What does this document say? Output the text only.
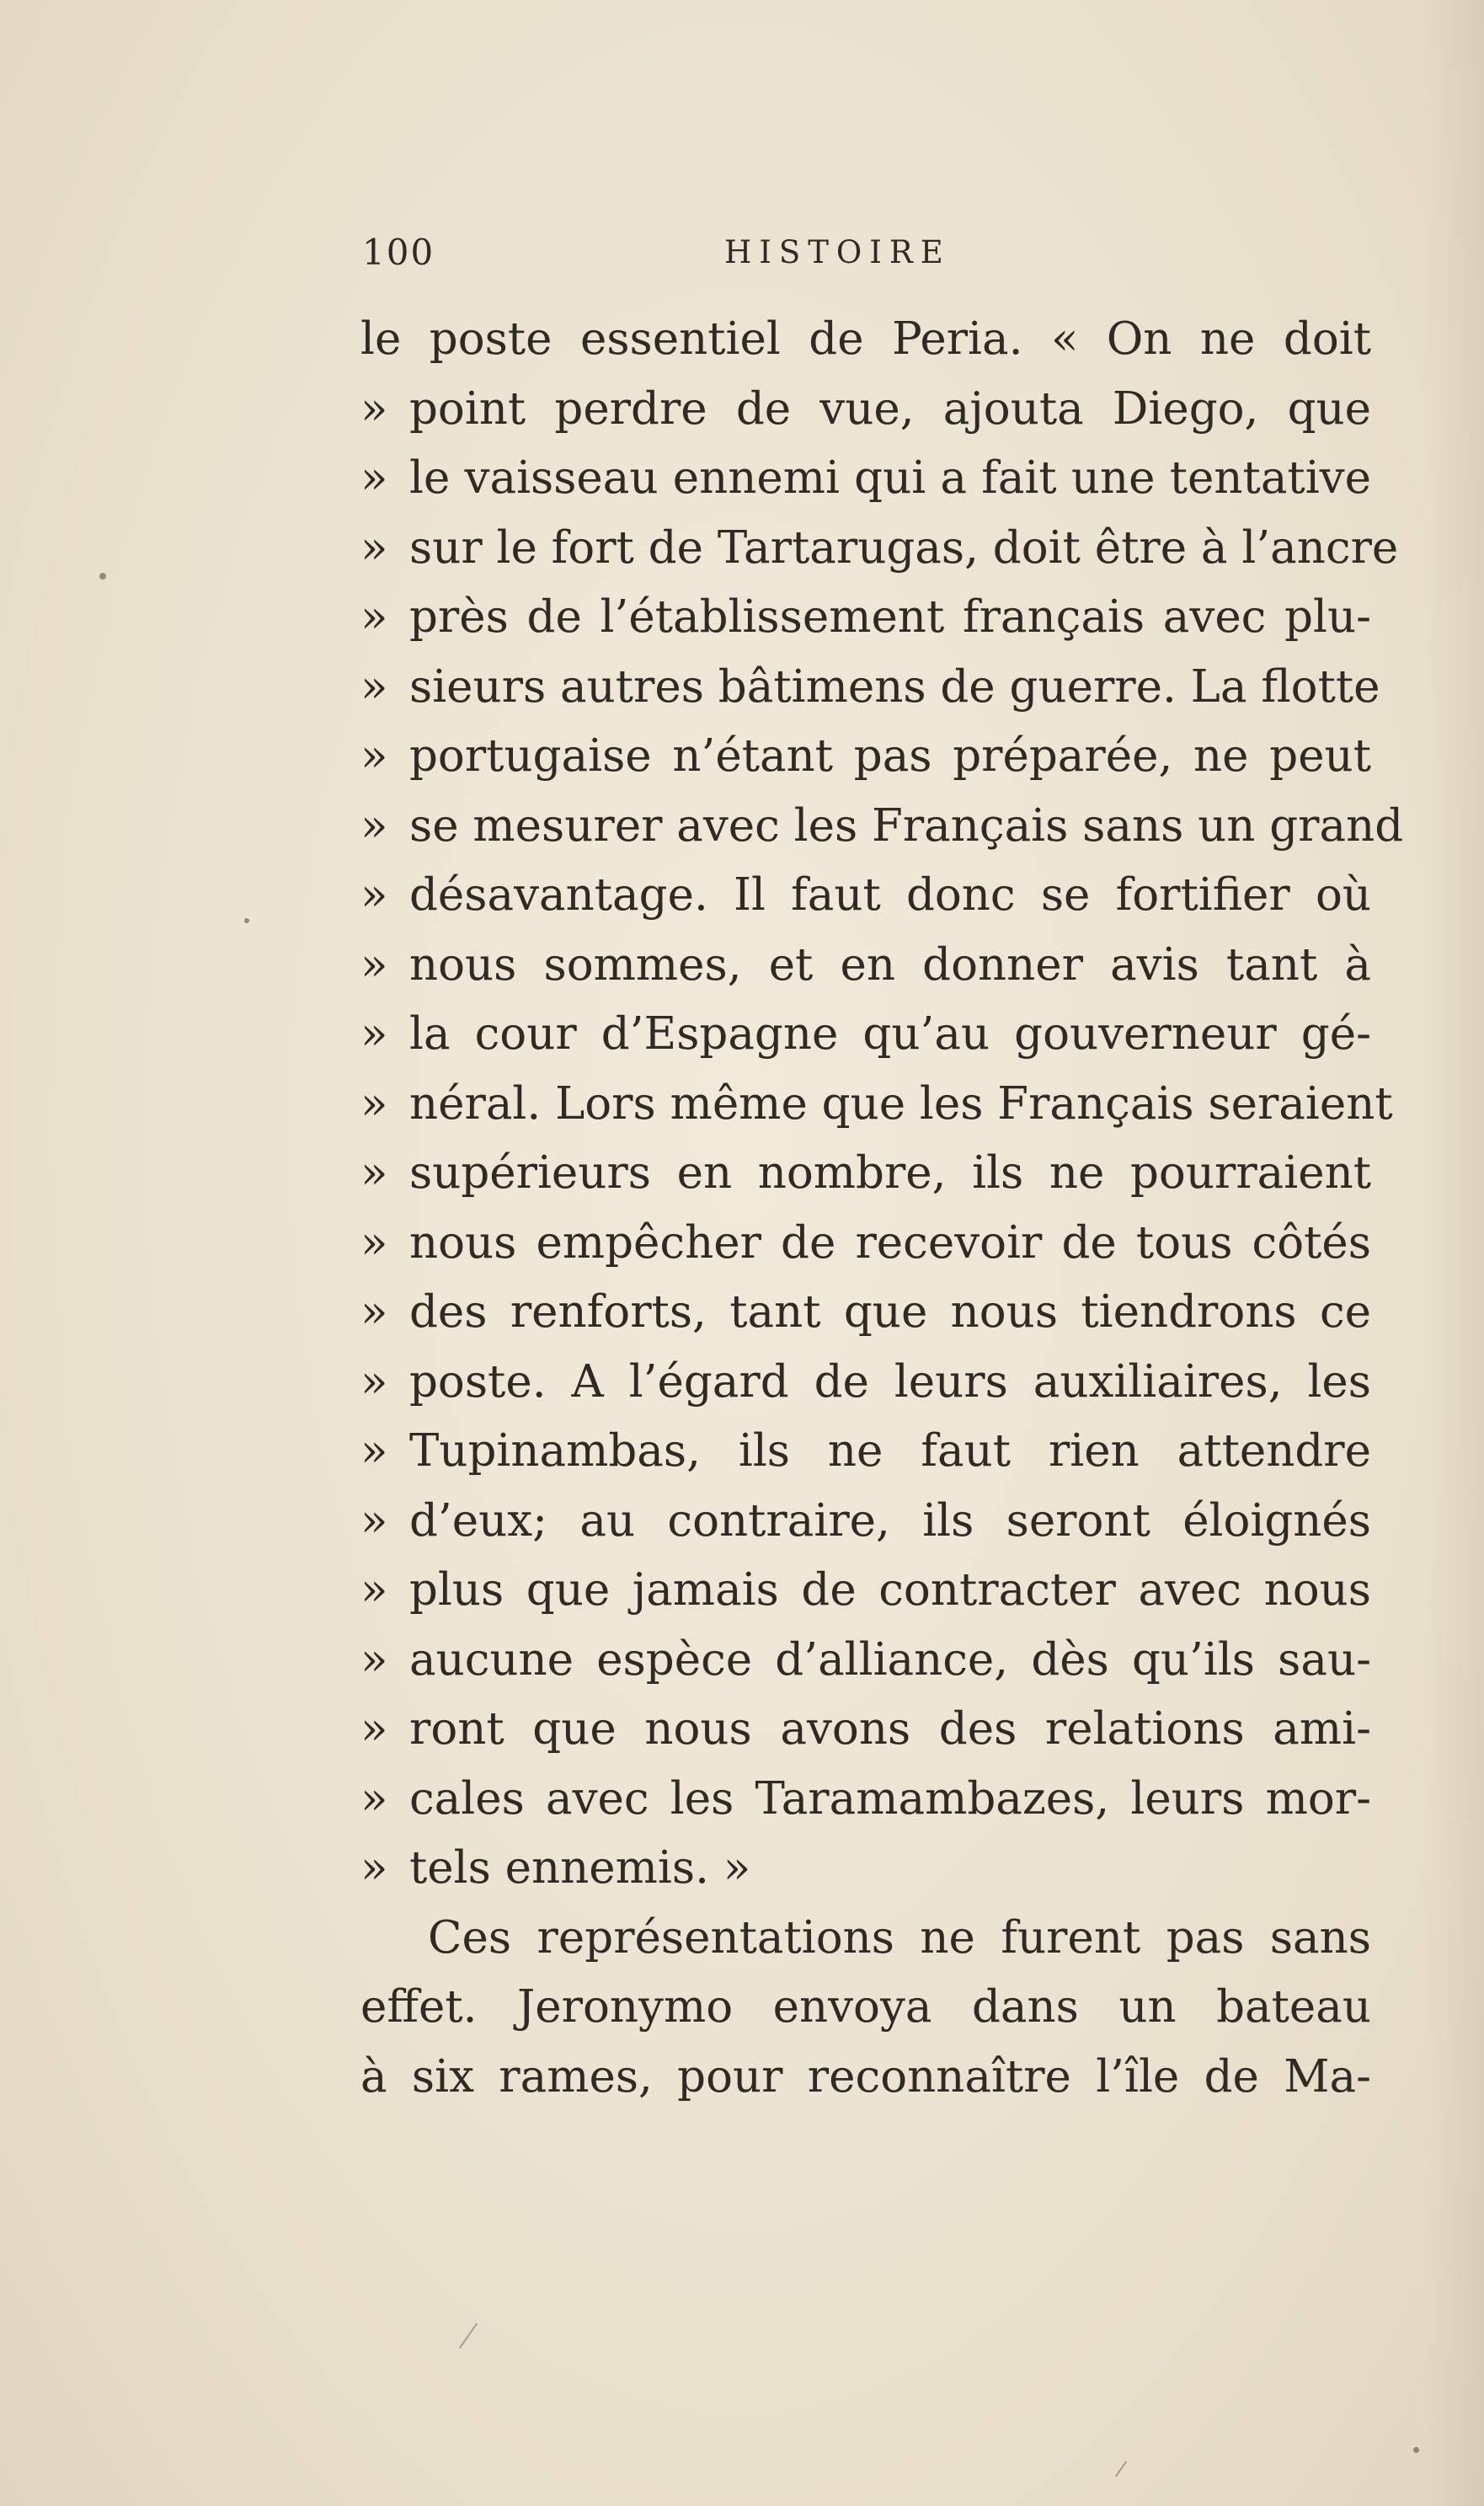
100	HISTOIRE
le poste essentiel de Peria. « On ne doit
» point perdre de vue, ajouta Diego, que
» le vaisseau ennemi qui a fait une tentative
» sur le fort de Tartarugas, doit être à l’ancre
» près de l’établissement français avec plu-
» sieurs autres bâtimens de guerre. La flotte
» portugaise n’étant pas préparée, ne peut
» se mesurer avec les Français sans un grand
» désavantage. Il faut donc se fortifier où
» nous sommes, et en donner avis tant à
» la cour d’Espagne qu’au gouverneur gé-
» néral. Lors même que les Français seraient
» supérieurs en nombre, ils ne pourraient
» nous empêcher de recevoir de tous côtés
» des renforts, tant que nous tiendrons ce
» poste. A l’égard de leurs auxiliaires, les
» Tupinambas, ils ne faut rien attendre
» d’eux; au contraire, ils seront éloignés
» plus que jamais de contracter avec nous
» aucune espèce d’alliance, dès qu’ils sau-
» ront que nous avons des relations ami-
» cales avec les Taramambazes, leurs mor-
» tels ennemis. »
Ces représentations ne furent pas sans
effet. Jeronymo envoya dans un bateau
à six rames, pour reconnaître l’île de Ma-
